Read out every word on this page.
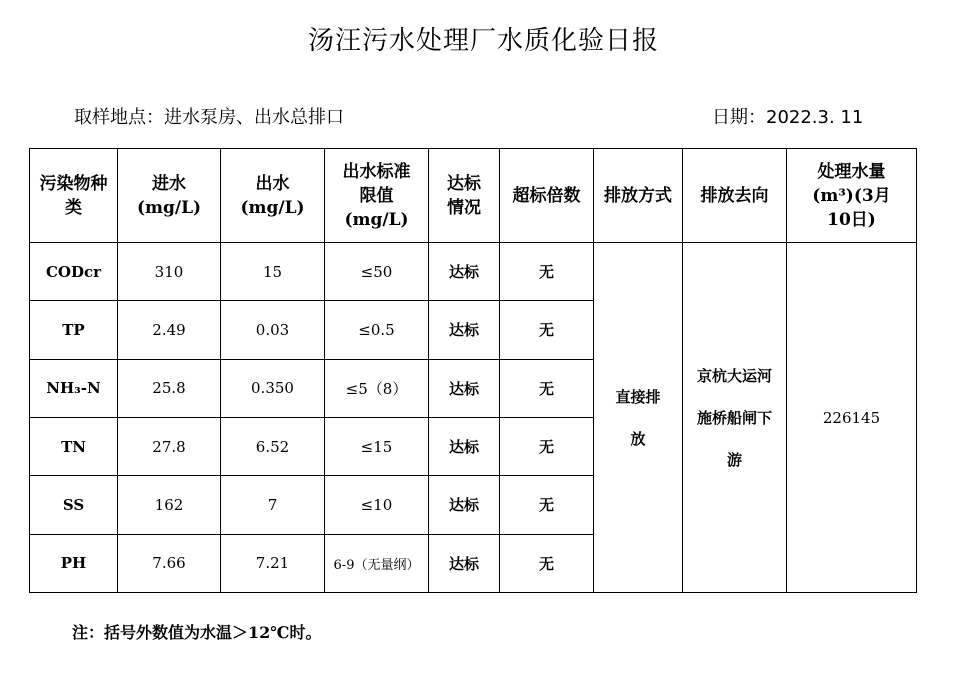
汤汪污水处理厂水质化验日报
取样地点：进水泵房、出水总排口	日期：2022.3. 11
污染物种类	进水(mg/L)	出水(mg/L)	出水标准限值(mg/L)	达标情况	超标倍数	排放方式	排放去向	处理水量(m³)(3月10日)
CODcr	310	15	≤50	达标	无	直接排放	京杭大运河施桥船闸下游	226145
TP	2.49	0.03	≤0.5	达标	无			
NH₃-N	25.8	0.350	≤5（8）	达标	无			
TN	27.8	6.52	≤15	达标	无			
SS	162	7	≤10	达标	无			
PH	7.66	7.21	6-9（无量纲）	达标	无			
注：括号外数值为水温＞12℃时。
